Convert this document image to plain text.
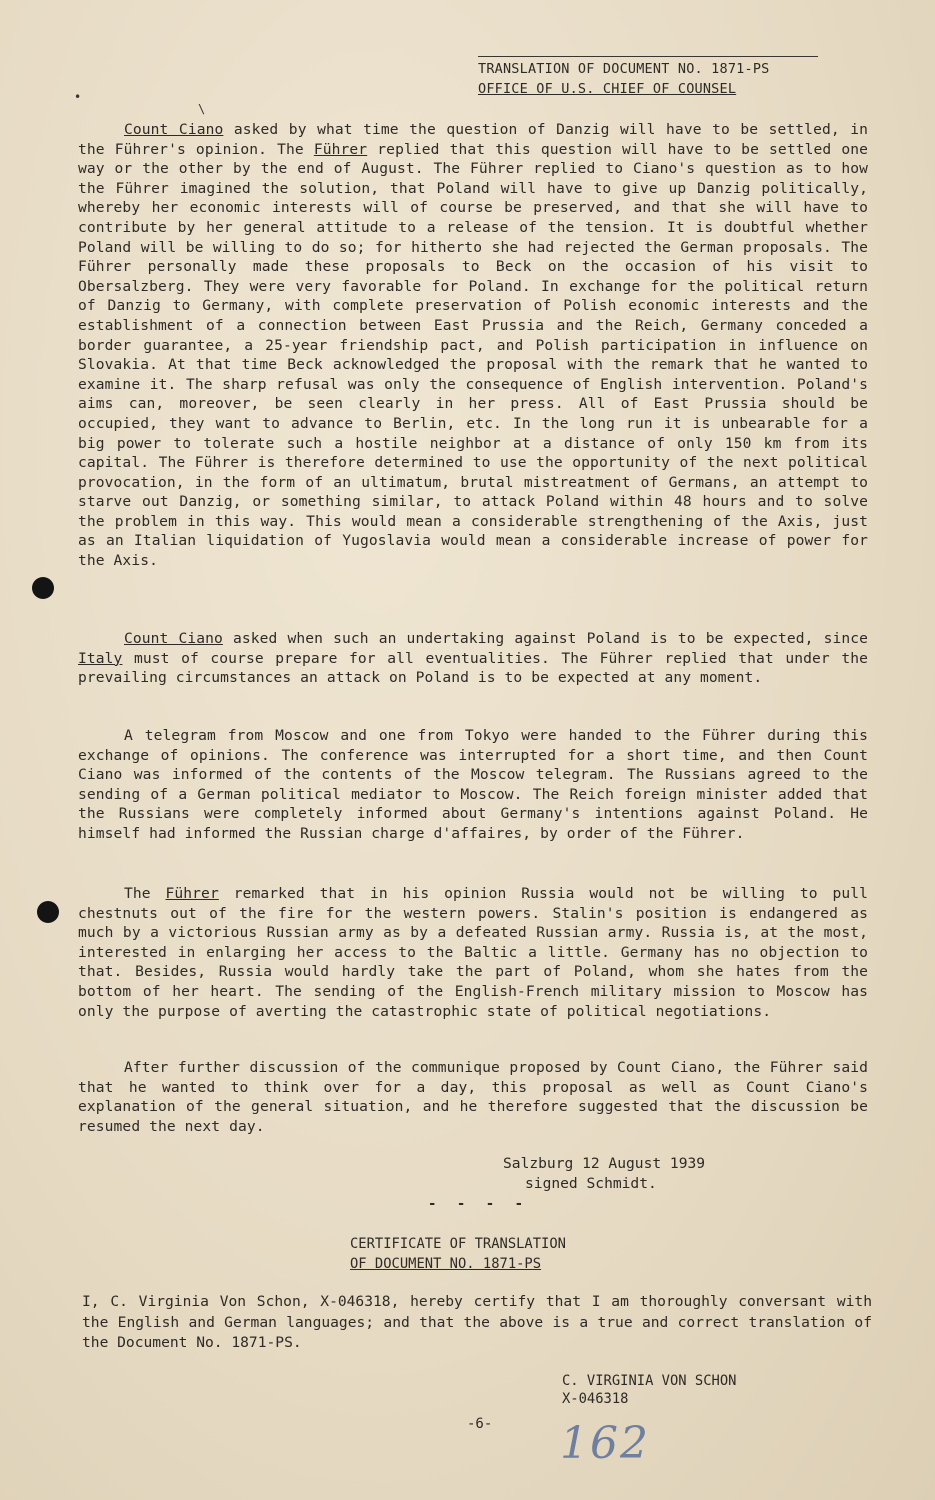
TRANSLATION OF DOCUMENT NO. 1871-PS
OFFICE OF U.S. CHIEF OF COUNSEL
•
\

Count Ciano asked by what time the question of Danzig will have to be settled, in the Führer's opinion. The Führer replied that this question will have to be settled one way or the other by the end of August. The Führer replied to Ciano's question as to how the Führer imagined the solution, that Poland will have to give up Danzig politically, whereby her economic interests will of course be preserved, and that she will have to contribute by her general attitude to a release of the tension. It is doubtful whether Poland will be willing to do so; for hitherto she had rejected the German proposals. The Führer personally made these proposals to Beck on the occasion of his visit to Obersalzberg. They were very favorable for Poland. In exchange for the political return of Danzig to Germany, with complete preservation of Polish economic interests and the establishment of a connection between East Prussia and the Reich, Germany conceded a border guarantee, a 25-year friendship pact, and Polish participation in influence on Slovakia. At that time Beck acknowledged the proposal with the remark that he wanted to examine it. The sharp refusal was only the consequence of English intervention. Poland's aims can, moreover, be seen clearly in her press. All of East Prussia should be occupied, they want to advance to Berlin, etc. In the long run it is unbearable for a big power to tolerate such a hostile neighbor at a distance of only 150 km from its capital. The Führer is therefore determined to use the opportunity of the next political provocation, in the form of an ultimatum, brutal mistreatment of Germans, an attempt to starve out Danzig, or something similar, to attack Poland within 48 hours and to solve the problem in this way. This would mean a considerable strengthening of the Axis, just as an Italian liquidation of Yugoslavia would mean a considerable increase of power for the Axis.

Count Ciano asked when such an undertaking against Poland is to be expected, since Italy must of course prepare for all eventualities. The Führer replied that under the prevailing circumstances an attack on Poland is to be expected at any moment.

A telegram from Moscow and one from Tokyo were handed to the Führer during this exchange of opinions. The conference was interrupted for a short time, and then Count Ciano was informed of the contents of the Moscow telegram. The Russians agreed to the sending of a German political mediator to Moscow. The Reich foreign minister added that the Russians were completely informed about Germany's intentions against Poland. He himself had informed the Russian charge d'affaires, by order of the Führer.

The Führer remarked that in his opinion Russia would not be willing to pull chestnuts out of the fire for the western powers. Stalin's position is endangered as much by a victorious Russian army as by a defeated Russian army. Russia is, at the most, interested in enlarging her access to the Baltic a little. Germany has no objection to that. Besides, Russia would hardly take the part of Poland, whom she hates from the bottom of her heart. The sending of the English-French military mission to Moscow has only the purpose of averting the catastrophic state of political negotiations.

After further discussion of the communique proposed by Count Ciano, the Führer said that he wanted to think over for a day, this proposal as well as Count Ciano's explanation of the general situation, and he therefore suggested that the discussion be resumed the next day.

Salzburg 12 August 1939
signed Schmidt.
- - - -
CERTIFICATE OF TRANSLATION
OF DOCUMENT NO. 1871-PS
I, C. Virginia Von Schon, X-046318, hereby certify that I am thoroughly conversant with the English and German languages; and that the above is a true and correct translation of the Document No. 1871-PS.
C. VIRGINIA VON SCHON
X-046318
-6- 162
